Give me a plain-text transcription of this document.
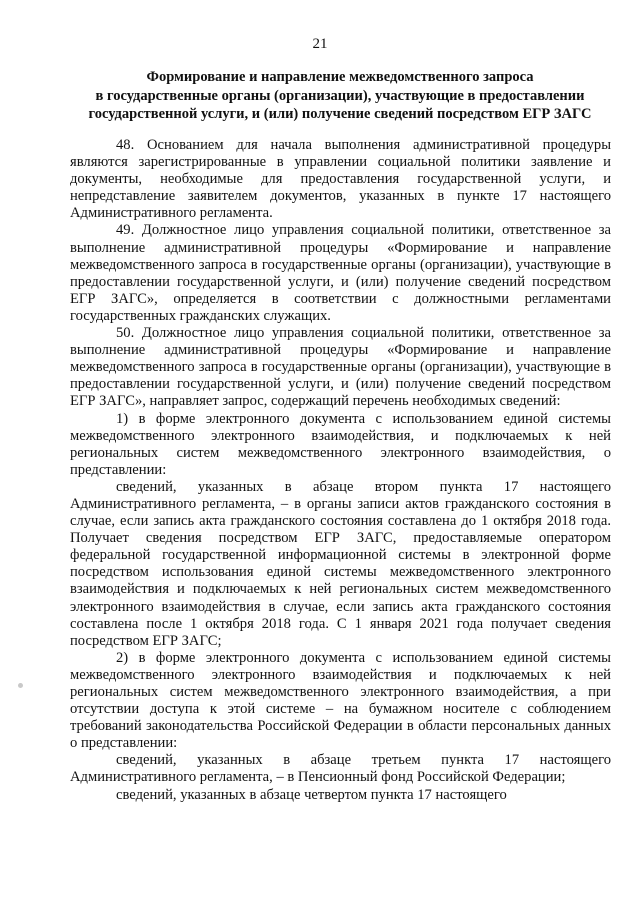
21
Формирование и направление межведомственного запроса
в государственные органы (организации), участвующие в предоставлении
государственной услуги, и (или) получение сведений посредством ЕГР ЗАГС

48. Основанием для начала выполнения административной процедуры являются зарегистрированные в управлении социальной политики заявление и документы, необходимые для предоставления государственной услуги, и непредставление заявителем документов, указанных в пункте 17 настоящего Административного регламента.

49. Должностное лицо управления социальной политики, ответственное за выполнение административной процедуры «Формирование и направление межведомственного запроса в государственные органы (организации), участвующие в предоставлении государственной услуги, и (или) получение сведений посредством ЕГР ЗАГС», определяется в соответствии с должностными регламентами государственных гражданских служащих.

50. Должностное лицо управления социальной политики, ответственное за выполнение административной процедуры «Формирование и направление межведомственного запроса в государственные органы (организации), участвующие в предоставлении государственной услуги, и (или) получение сведений посредством ЕГР ЗАГС», направляет запрос, содержащий перечень необходимых сведений:

1) в форме электронного документа с использованием единой системы межведомственного электронного взаимодействия, и подключаемых к ней региональных систем межведомственного электронного взаимодействия, о представлении:

сведений, указанных в абзаце втором пункта 17 настоящего Административного регламента, – в органы записи актов гражданского состояния в случае, если запись акта гражданского состояния составлена до 1 октября 2018 года. Получает сведения посредством ЕГР ЗАГС, предоставляемые оператором федеральной государственной информационной системы в электронной форме посредством использования единой системы межведомственного электронного взаимодействия и подключаемых к ней региональных систем межведомственного электронного взаимодействия в случае, если запись акта гражданского состояния составлена после 1 октября 2018 года. С 1 января 2021 года получает сведения посредством ЕГР ЗАГС;

2) в форме электронного документа с использованием единой системы межведомственного электронного взаимодействия и подключаемых к ней региональных систем межведомственного электронного взаимодействия, а при отсутствии доступа к этой системе – на бумажном носителе с соблюдением требований законодательства Российской Федерации в области персональных данных о представлении:

сведений, указанных в абзаце третьем пункта 17 настоящего Административного регламента, – в Пенсионный фонд Российской Федерации;

сведений, указанных в абзаце четвертом пункта 17 настоящего
